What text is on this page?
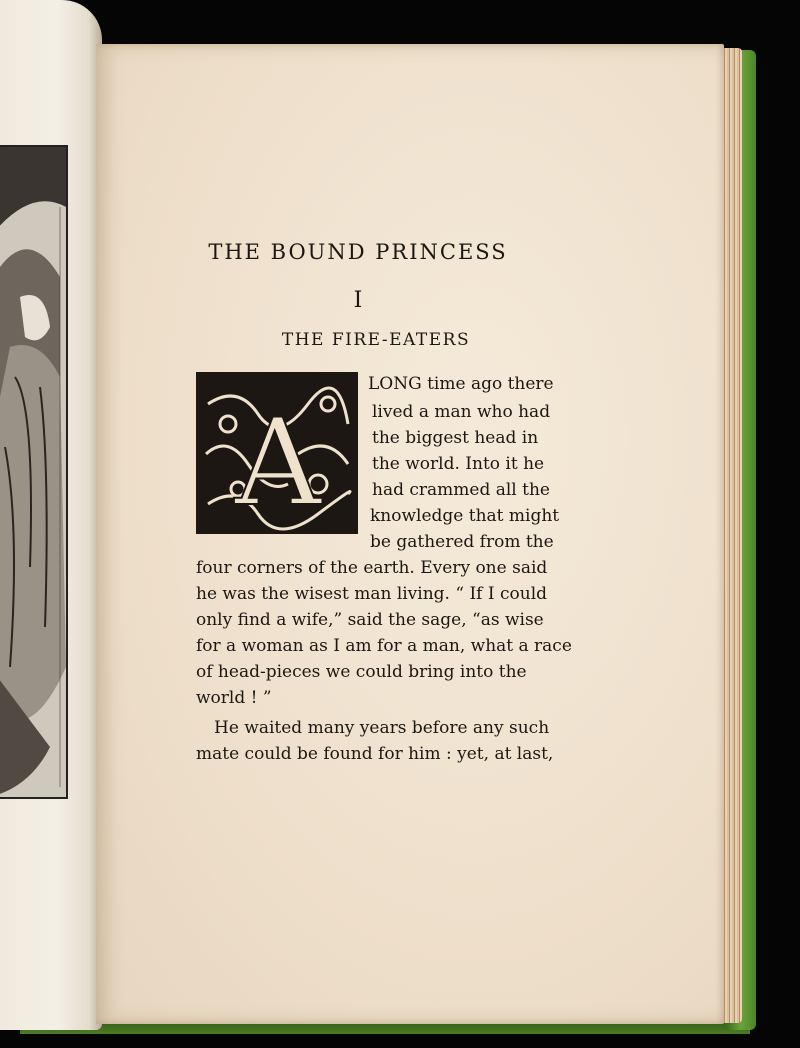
THE BOUND PRINCESS
I
THE FIRE-EATERS
A
LONG time ago there
lived a man who had
the biggest head in
the world. Into it he
had crammed all the
knowledge that might
be gathered from the
four corners of the earth. Every one said
he was the wisest man living. “ If I could
only find a wife,” said the sage, “as wise
for a woman as I am for a man, what a race
of head-pieces we could bring into the
world ! ”
He waited many years before any such
mate could be found for him : yet, at last,
